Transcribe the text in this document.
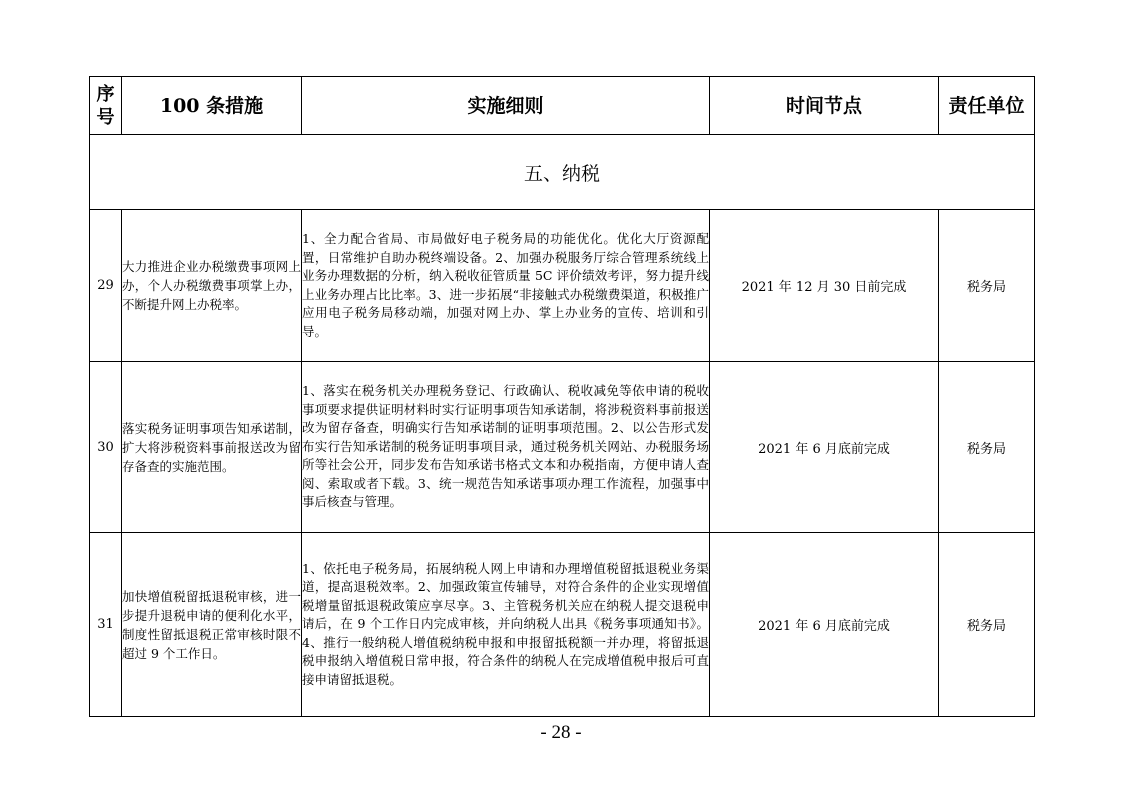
序号	100 条措施	实施细则	时间节点	责任单位
五、纳税				
29	大力推进企业办税缴费事项网上办，个人办税缴费事项掌上办，不断提升网上办税率。	1、全力配合省局、市局做好电子税务局的功能优化。优化大厅资源配置，日常维护自助办税终端设备。2、加强办税服务厅综合管理系统线上业务办理数据的分析，纳入税收征管质量 5C 评价绩效考评，努力提升线上业务办理占比比率。3、进一步拓展“非接触式办税缴费渠道，积极推广应用电子税务局移动端，加强对网上办、掌上办业务的宣传、培训和引导。	2021 年 12 月 30 日前完成	税务局
30	落实税务证明事项告知承诺制，扩大将涉税资料事前报送改为留存备查的实施范围。	1、落实在税务机关办理税务登记、行政确认、税收减免等依申请的税收事项要求提供证明材料时实行证明事项告知承诺制，将涉税资料事前报送改为留存备查，明确实行告知承诺制的证明事项范围。2、以公告形式发布实行告知承诺制的税务证明事项目录，通过税务机关网站、办税服务场所等社会公开，同步发布告知承诺书格式文本和办税指南，方便申请人查阅、索取或者下载。3、统一规范告知承诺事项办理工作流程，加强事中事后核查与管理。	2021 年 6 月底前完成	税务局
31	加快增值税留抵退税审核，进一步提升退税申请的便利化水平，制度性留抵退税正常审核时限不超过 9 个工作日。	1、依托电子税务局，拓展纳税人网上申请和办理增值税留抵退税业务渠道，提高退税效率。2、加强政策宣传辅导，对符合条件的企业实现增值税增量留抵退税政策应享尽享。3、主管税务机关应在纳税人提交退税申请后，在 9 个工作日内完成审核，并向纳税人出具《税务事项通知书》。4、推行一般纳税人增值税纳税申报和申报留抵税额一并办理，将留抵退税申报纳入增值税日常申报，符合条件的纳税人在完成增值税申报后可直接申请留抵退税。	2021 年 6 月底前完成	税务局
- 28 -
